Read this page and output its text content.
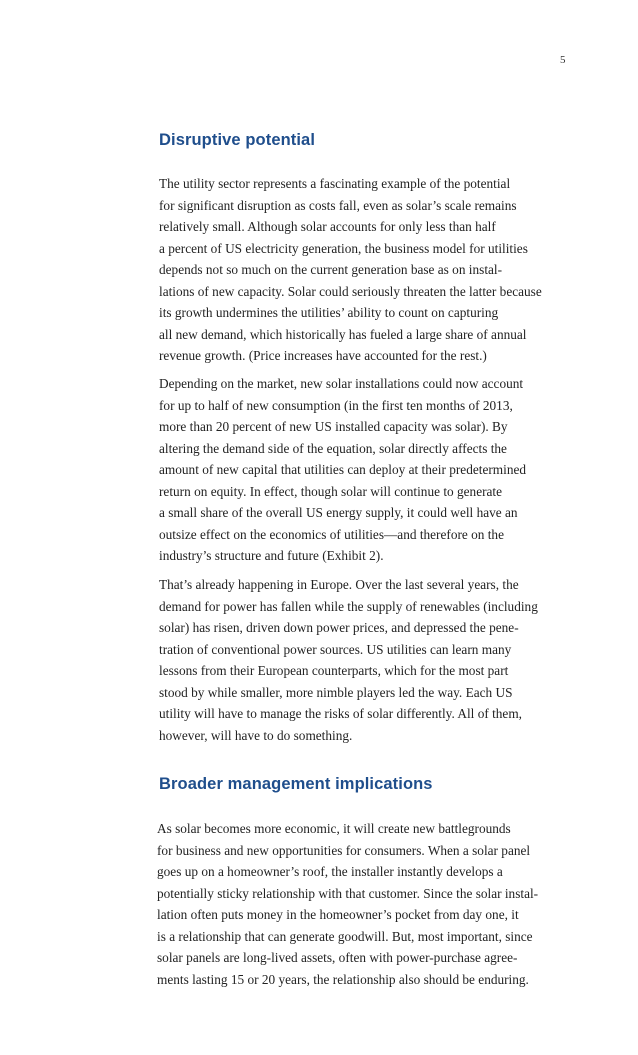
5
Disruptive potential
The utility sector represents a fascinating example of the potential
for significant disruption as costs fall, even as solar’s scale remains
relatively small. Although solar accounts for only less than half
a percent of US electricity generation, the business model for utilities
depends not so much on the current generation base as on instal-
lations of new capacity. Solar could seriously threaten the latter because
its growth undermines the utilities’ ability to count on capturing
all new demand, which historically has fueled a large share of annual
revenue growth. (Price increases have accounted for the rest.)
Depending on the market, new solar installations could now account
for up to half of new consumption (in the first ten months of 2013,
more than 20 percent of new US installed capacity was solar). By
altering the demand side of the equation, solar directly affects the
amount of new capital that utilities can deploy at their predetermined
return on equity. In effect, though solar will continue to generate
a small share of the overall US energy supply, it could well have an
outsize effect on the economics of utilities—and therefore on the
industry’s structure and future (Exhibit 2).
That’s already happening in Europe. Over the last several years, the
demand for power has fallen while the supply of renewables (including
solar) has risen, driven down power prices, and depressed the pene-
tration of conventional power sources. US utilities can learn many
lessons from their European counterparts, which for the most part
stood by while smaller, more nimble players led the way. Each US
utility will have to manage the risks of solar differently. All of them,
however, will have to do something.
Broader management implications
As solar becomes more economic, it will create new battlegrounds
for business and new opportunities for consumers. When a solar panel
goes up on a homeowner’s roof, the installer instantly develops a
potentially sticky relationship with that customer. Since the solar instal-
lation often puts money in the homeowner’s pocket from day one, it
is a relationship that can generate goodwill. But, most important, since
solar panels are long-lived assets, often with power-purchase agree-
ments lasting 15 or 20 years, the relationship also should be enduring.
